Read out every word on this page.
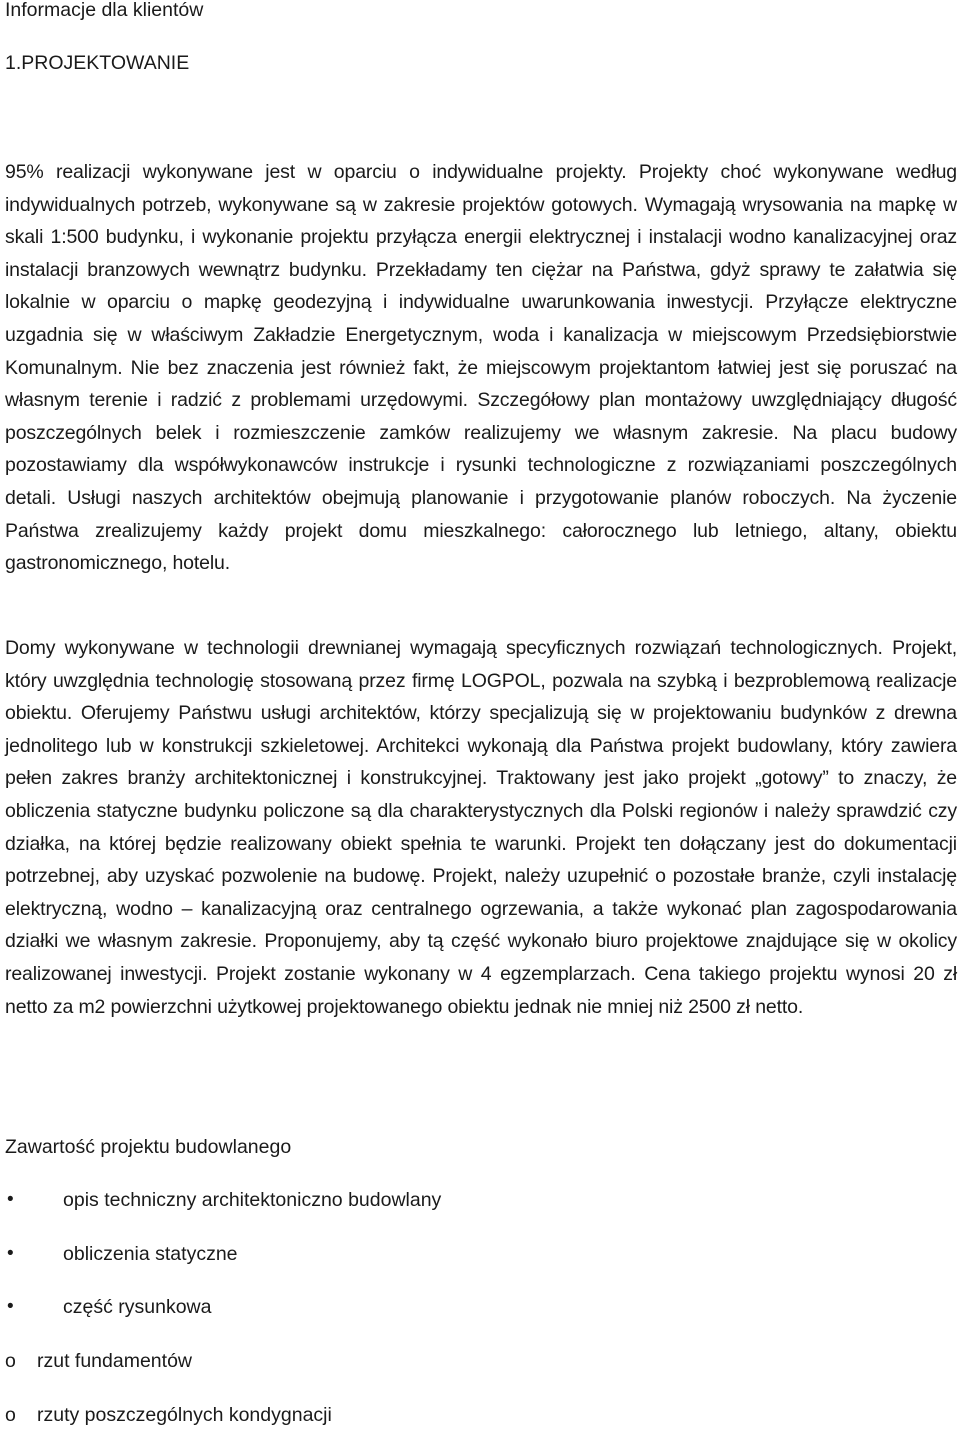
Informacje dla klientów
1.PROJEKTOWANIE

95% realizacji wykonywane jest w oparciu o indywidualne projekty. Projekty choć wykonywane według indywidualnych potrzeb, wykonywane są w zakresie projektów gotowych. Wymagają wrysowania na mapkę w skali 1:500 budynku, i wykonanie projektu przyłącza energii elektrycznej i instalacji wodno kanalizacyjnej oraz instalacji branzowych wewnątrz budynku. Przekładamy ten ciężar na Państwa, gdyż sprawy te załatwia się lokalnie w oparciu o mapkę geodezyjną i indywidualne uwarunkowania inwestycji. Przyłącze elektryczne uzgadnia się w właściwym Zakładzie Energetycznym, woda i kanalizacja w miejscowym Przedsiębiorstwie Komunalnym. Nie bez znaczenia jest również fakt, że miejscowym projektantom łatwiej jest się poruszać na własnym terenie i radzić z problemami urzędowymi. Szczegółowy plan montażowy uwzględniający długość poszczególnych belek i rozmieszczenie zamków realizujemy we własnym zakresie. Na placu budowy pozostawiamy dla współwykonawców instrukcje i rysunki technologiczne z rozwiązaniami poszczególnych detali. Usługi naszych architektów obejmują planowanie i przygotowanie planów roboczych. Na życzenie Państwa zrealizujemy każdy projekt domu mieszkalnego: całorocznego lub letniego, altany, obiektu gastronomicznego, hotelu.

Domy wykonywane w technologii drewnianej wymagają specyficznych rozwiązań technologicznych. Projekt, który uwzględnia technologię stosowaną przez firmę LOGPOL, pozwala na szybką i bezproblemową realizacje obiektu. Oferujemy Państwu usługi architektów, którzy specjalizują się w projektowaniu budynków z drewna jednolitego lub w konstrukcji szkieletowej. Architekci wykonają dla Państwa projekt budowlany, który zawiera pełen zakres branży architektonicznej i konstrukcyjnej. Traktowany jest jako projekt „gotowy” to znaczy, że obliczenia statyczne budynku policzone są dla charakterystycznych dla Polski regionów i należy sprawdzić czy działka, na której będzie realizowany obiekt spełnia te warunki. Projekt ten dołączany jest do dokumentacji potrzebnej, aby uzyskać pozwolenie na budowę. Projekt, należy uzupełnić o pozostałe branże, czyli instalację elektryczną, wodno – kanalizacyjną oraz centralnego ogrzewania, a także wykonać plan zagospodarowania działki we własnym zakresie. Proponujemy, aby tą część wykonało biuro projektowe znajdujące się w okolicy realizowanej inwestycji. Projekt zostanie wykonany w 4 egzemplarzach. Cena takiego projektu wynosi 20 zł netto za m2 powierzchni użytkowej projektowanego obiektu jednak nie mniej niż 2500 zł netto.

Zawartość projektu budowlanego
•	opis techniczny architektoniczno budowlany
•	obliczenia statyczne
•	część rysunkowa
o rzut fundamentów
o rzuty poszczególnych kondygnacji
